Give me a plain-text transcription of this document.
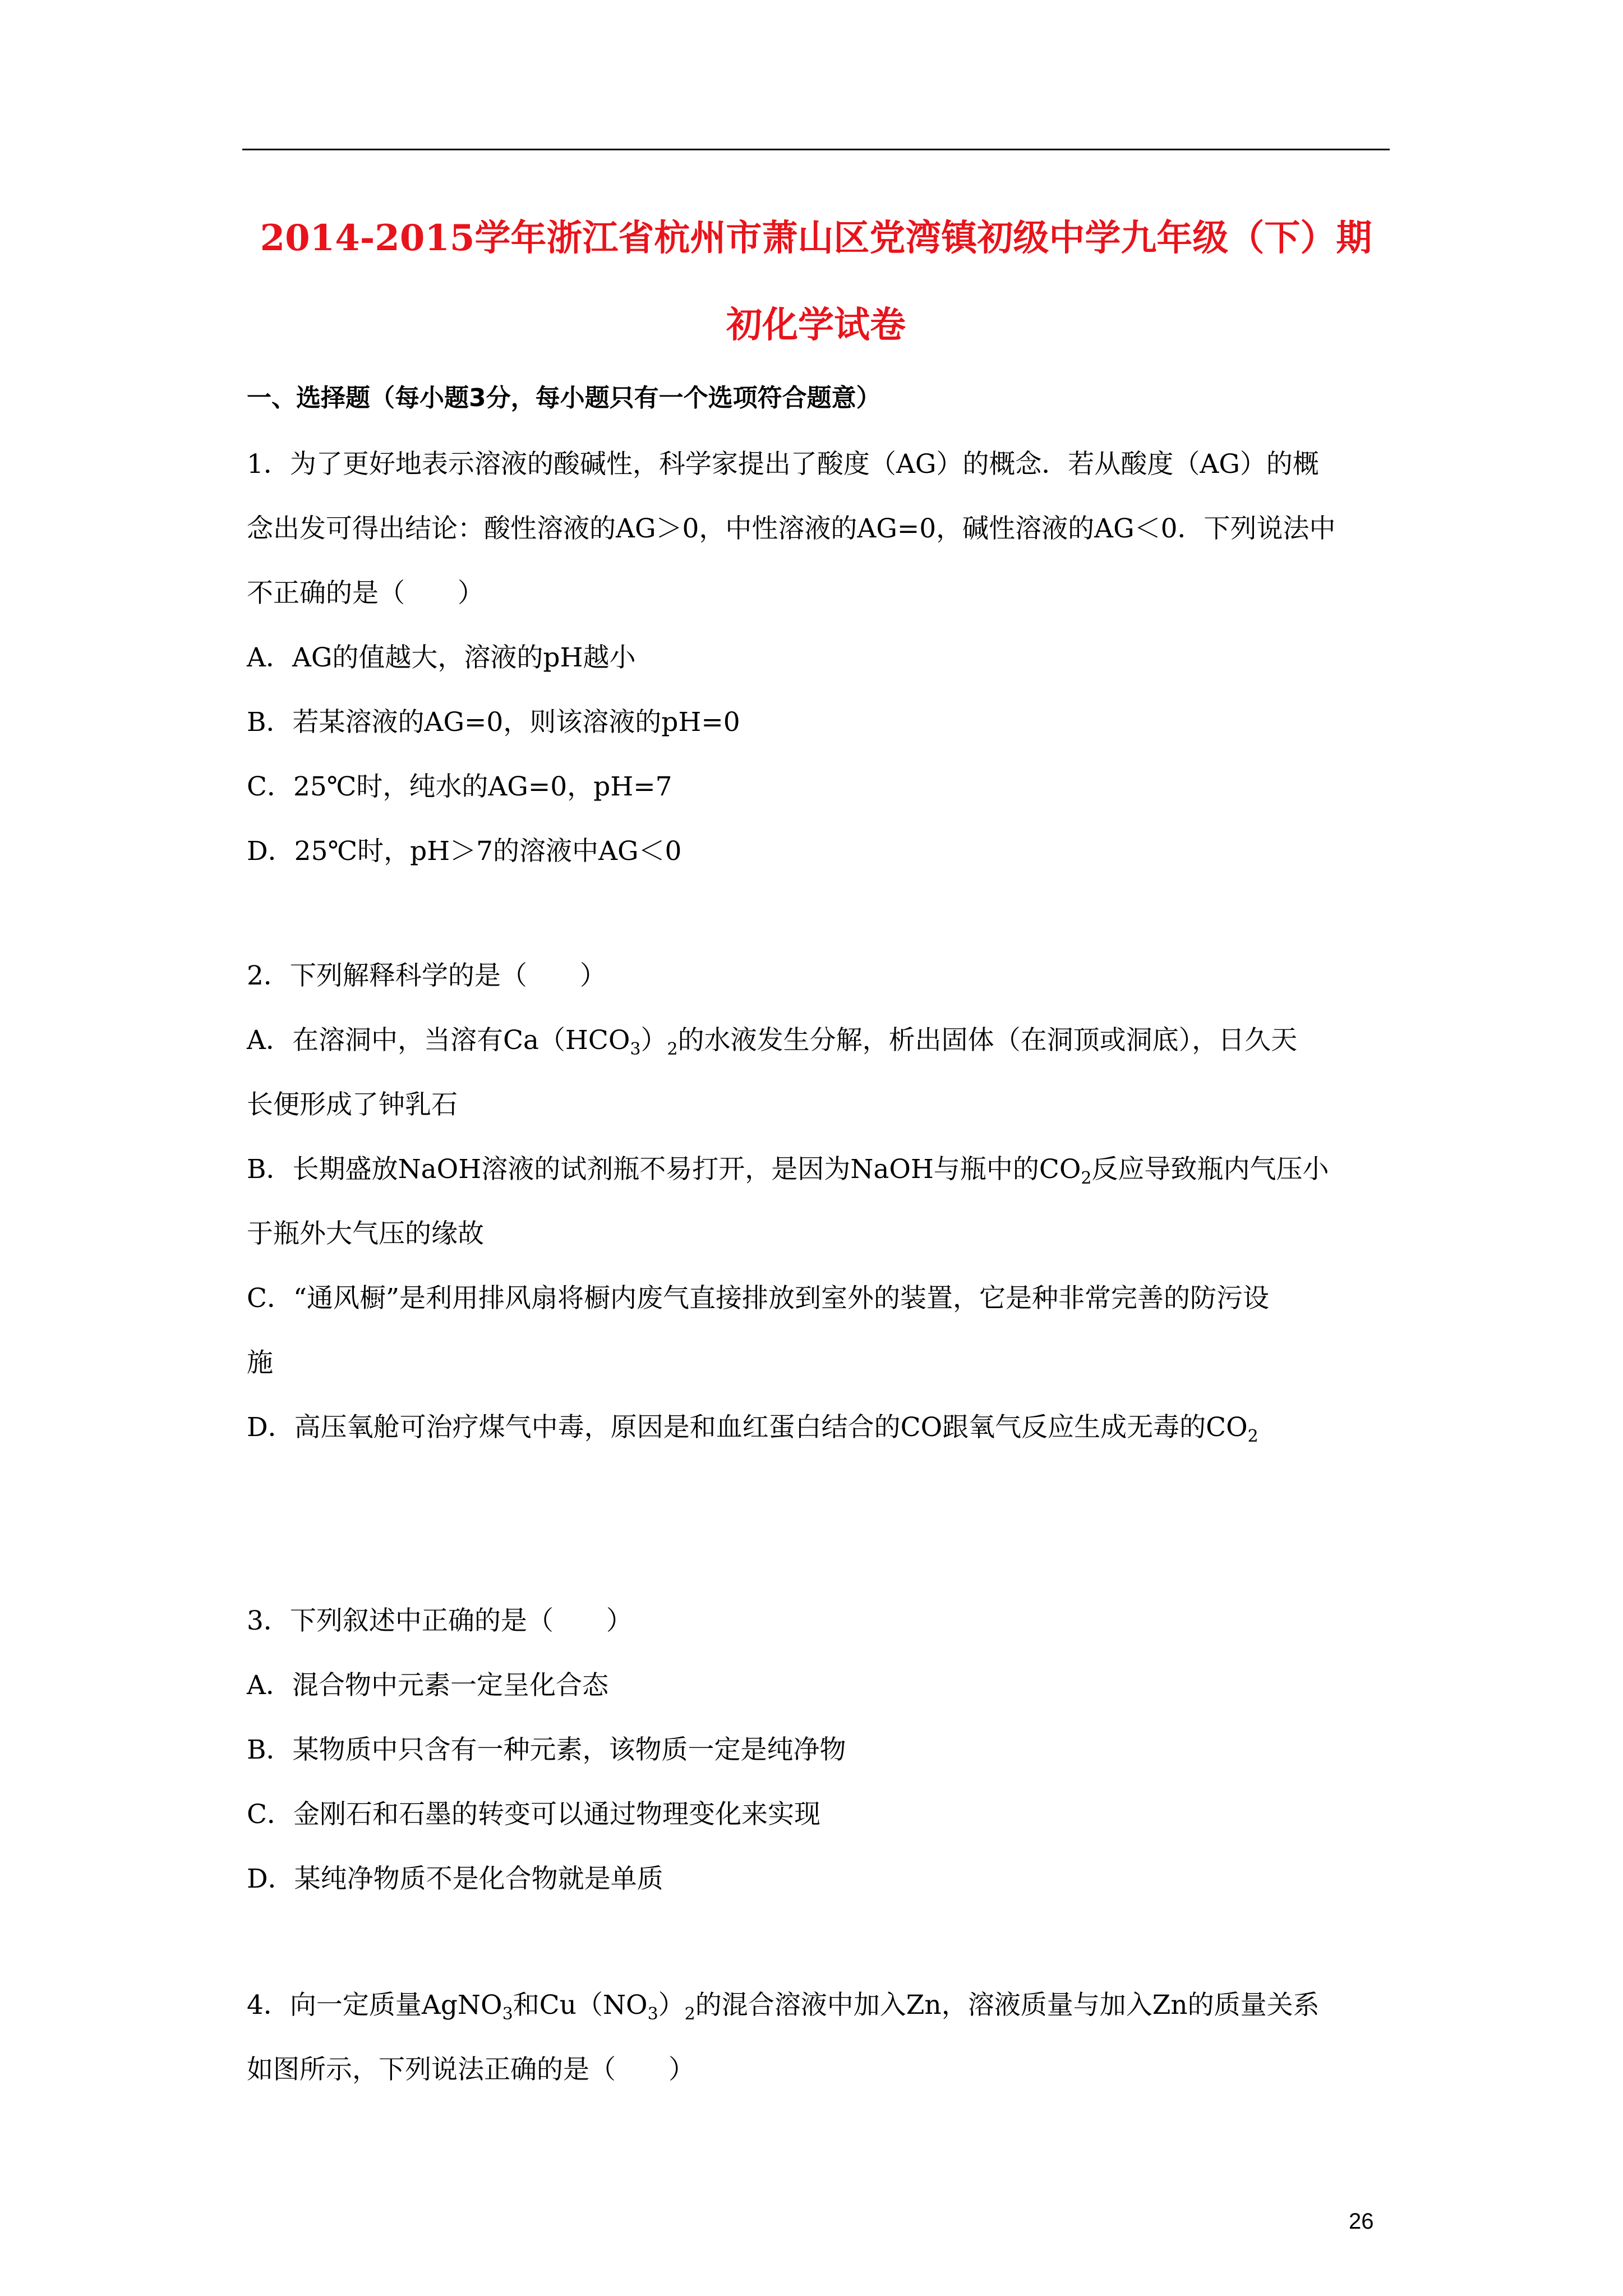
2014-2015学年浙江省杭州市萧山区党湾镇初级中学九年级（下）期
初化学试卷
一、选择题（每小题3分，每小题只有一个选项符合题意）
1．为了更好地表示溶液的酸碱性，科学家提出了酸度（AG）的概念．若从酸度（AG）的概
念出发可得出结论：酸性溶液的AG＞0，中性溶液的AG=0，碱性溶液的AG＜0．下列说法中
不正确的是（　　）
A．AG的值越大，溶液的pH越小
B．若某溶液的AG=0，则该溶液的pH=0
C．25℃时，纯水的AG=0，pH=7
D．25℃时，pH＞7的溶液中AG＜0
2．下列解释科学的是（　　）
A．在溶洞中，当溶有$Ca(HCO_3)_2$的水液发生分解，析出固体（在洞顶或洞底），日久天
长便形成了钟乳石
B．长期盛放NaOH溶液的试剂瓶不易打开，是因为NaOH与瓶中的$CO_2$反应导致瓶内气压小
于瓶外大气压的缘故
C．“通风橱”是利用排风扇将橱内废气直接排放到室外的装置，它是种非常完善的防污设
施
D．高压氧舱可治疗煤气中毒，原因是和血红蛋白结合的CO跟氧气反应生成无毒的$CO_2$
3．下列叙述中正确的是（　　）
A．混合物中元素一定呈化合态
B．某物质中只含有一种元素，该物质一定是纯净物
C．金刚石和石墨的转变可以通过物理变化来实现
D．某纯净物质不是化合物就是单质
4．向一定质量AgNO$_3$和$Cu(NO_3)_2$的混合溶液中加入Zn，溶液质量与加入Zn的质量关系
如图所示，下列说法正确的是（　　）
26
